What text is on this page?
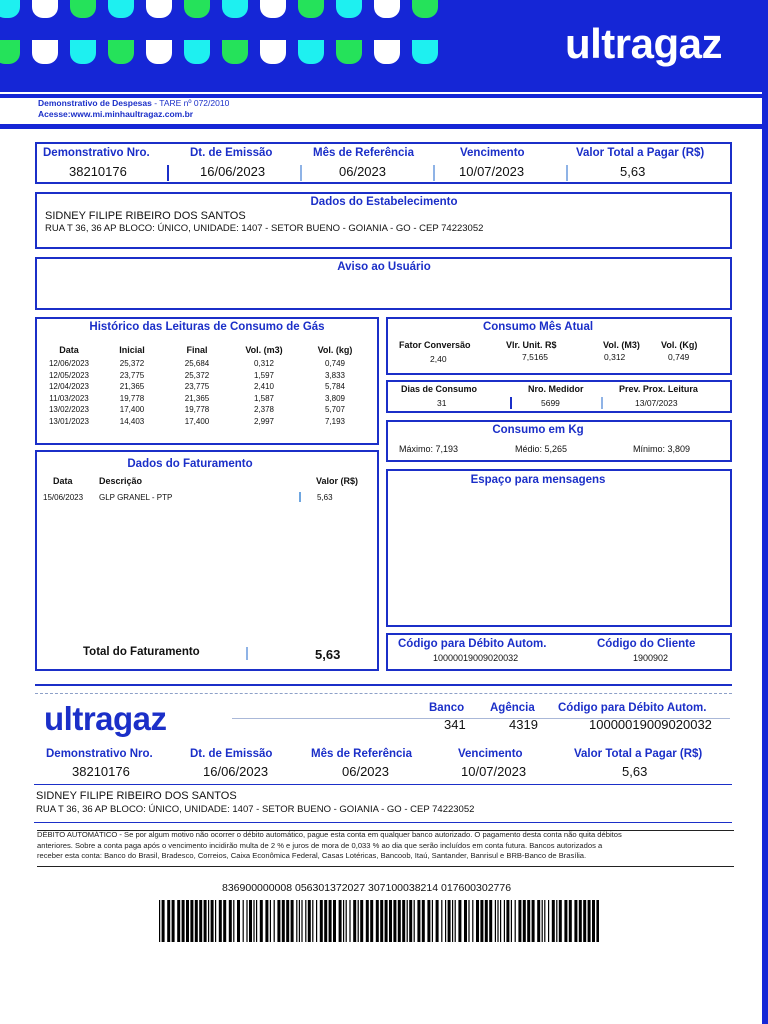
ultragaz
Demonstrativo de Despesas - TARE nº 072/2010
Acesse:www.mi.minhaultragaz.com.br
Demonstrativo Nro.	Dt. de Emissão	Mês de Referência	Vencimento	Valor Total a Pagar (R$)
38210176	16/06/2023	06/2023	10/07/2023	5,63
Dados do Estabelecimento
SIDNEY FILIPE RIBEIRO DOS SANTOS
RUA T 36, 36 AP BLOCO: ÚNICO, UNIDADE: 1407 - SETOR BUENO - GOIANIA - GO - CEP 74223052
Aviso ao Usuário
Histórico das Leituras de Consumo de Gás
Data	Inicial	Final	Vol. (m3)	Vol. (kg)
12/06/2023	25,372	25,684	0,312	0,749
12/05/2023	23,775	25,372	1,597	3,833
12/04/2023	21,365	23,775	2,410	5,784
11/03/2023	19,778	21,365	1,587	3,809
13/02/2023	17,400	19,778	2,378	5,707
13/01/2023	14,403	17,400	2,997	7,193
Consumo Mês Atual
Fator Conversão
2,40
Vlr. Unit. R$
7,5165
Vol. (M3)
0,312
Vol. (Kg)
0,749
Dias de Consumo
31
Nro. Medidor
5699
Prev. Prox. Leitura
13/07/2023
Consumo em Kg
Máximo: 7,193	Médio: 5,265	Mínimo: 3,809
Dados do Faturamento
Data	Descrição	Valor (R$)
15/06/2023 GLP GRANEL - PTP	5,63
Total do Faturamento	5,63
Espaço para mensagens
Código para Débito Autom.
10000019009020032
Código do Cliente
1900902
ultragaz	Banco
341
Agência
4319
Código para Débito Autom.
10000019009020032
Demonstrativo Nro.	Dt. de Emissão	Mês de Referência	Vencimento	Valor Total a Pagar (R$)
38210176	16/06/2023	06/2023	10/07/2023	5,63
SIDNEY FILIPE RIBEIRO DOS SANTOS
RUA T 36, 36 AP BLOCO: ÚNICO, UNIDADE: 1407 - SETOR BUENO - GOIANIA - GO - CEP 74223052
DÉBITO AUTOMÁTICO - Se por algum motivo não ocorrer o débito automático, pague esta conta em qualquer banco autorizado. O pagamento desta conta não quita débitos
anteriores. Sobre a conta paga após o vencimento incidirão multa de 2 % e juros de mora de 0,033 % ao dia que serão incluídos em conta futura. Bancos autorizados a
receber esta conta: Banco do Brasil, Bradesco, Correios, Caixa Econômica Federal, Casas Lotéricas, Bancoob, Itaú, Santander, Banrisul e BRB-Banco de Brasília.
836900000008 056301372027 307100038214 017600302776
